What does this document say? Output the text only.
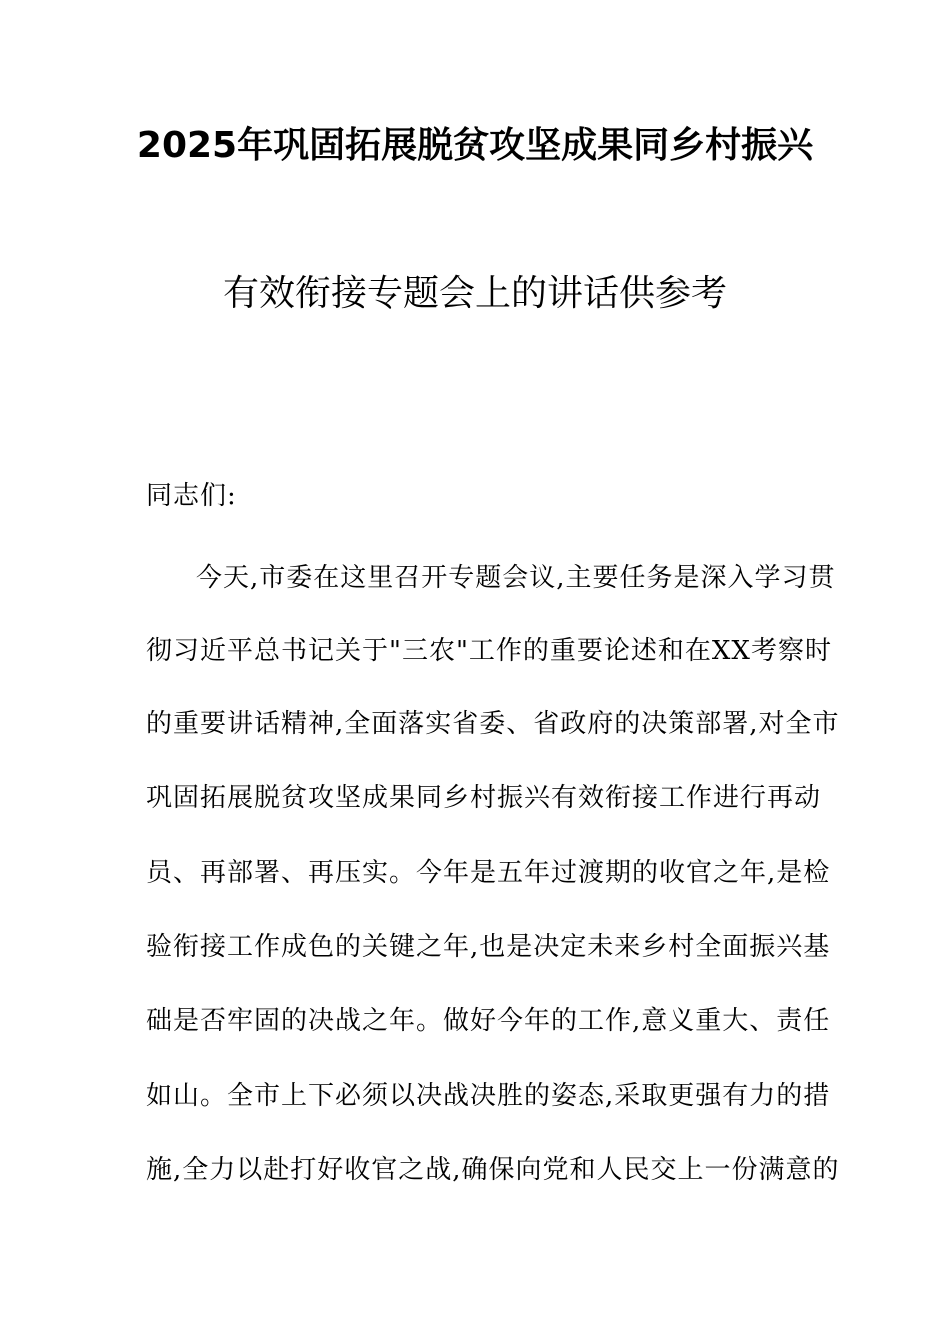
2025年巩固拓展脱贫攻坚成果同乡村振兴
有效衔接专题会上的讲话供参考
同志们:
今天,市委在这里召开专题会议,主要任务是深入学习贯
彻习近平总书记关于"三农"工作的重要论述和在XX考察时
的重要讲话精神,全面落实省委、省政府的决策部署,对全市
巩固拓展脱贫攻坚成果同乡村振兴有效衔接工作进行再动
员、再部署、再压实。今年是五年过渡期的收官之年,是检
验衔接工作成色的关键之年,也是决定未来乡村全面振兴基
础是否牢固的决战之年。做好今年的工作,意义重大、责任
如山。全市上下必须以决战决胜的姿态,采取更强有力的措
施,全力以赴打好收官之战,确保向党和人民交上一份满意的
